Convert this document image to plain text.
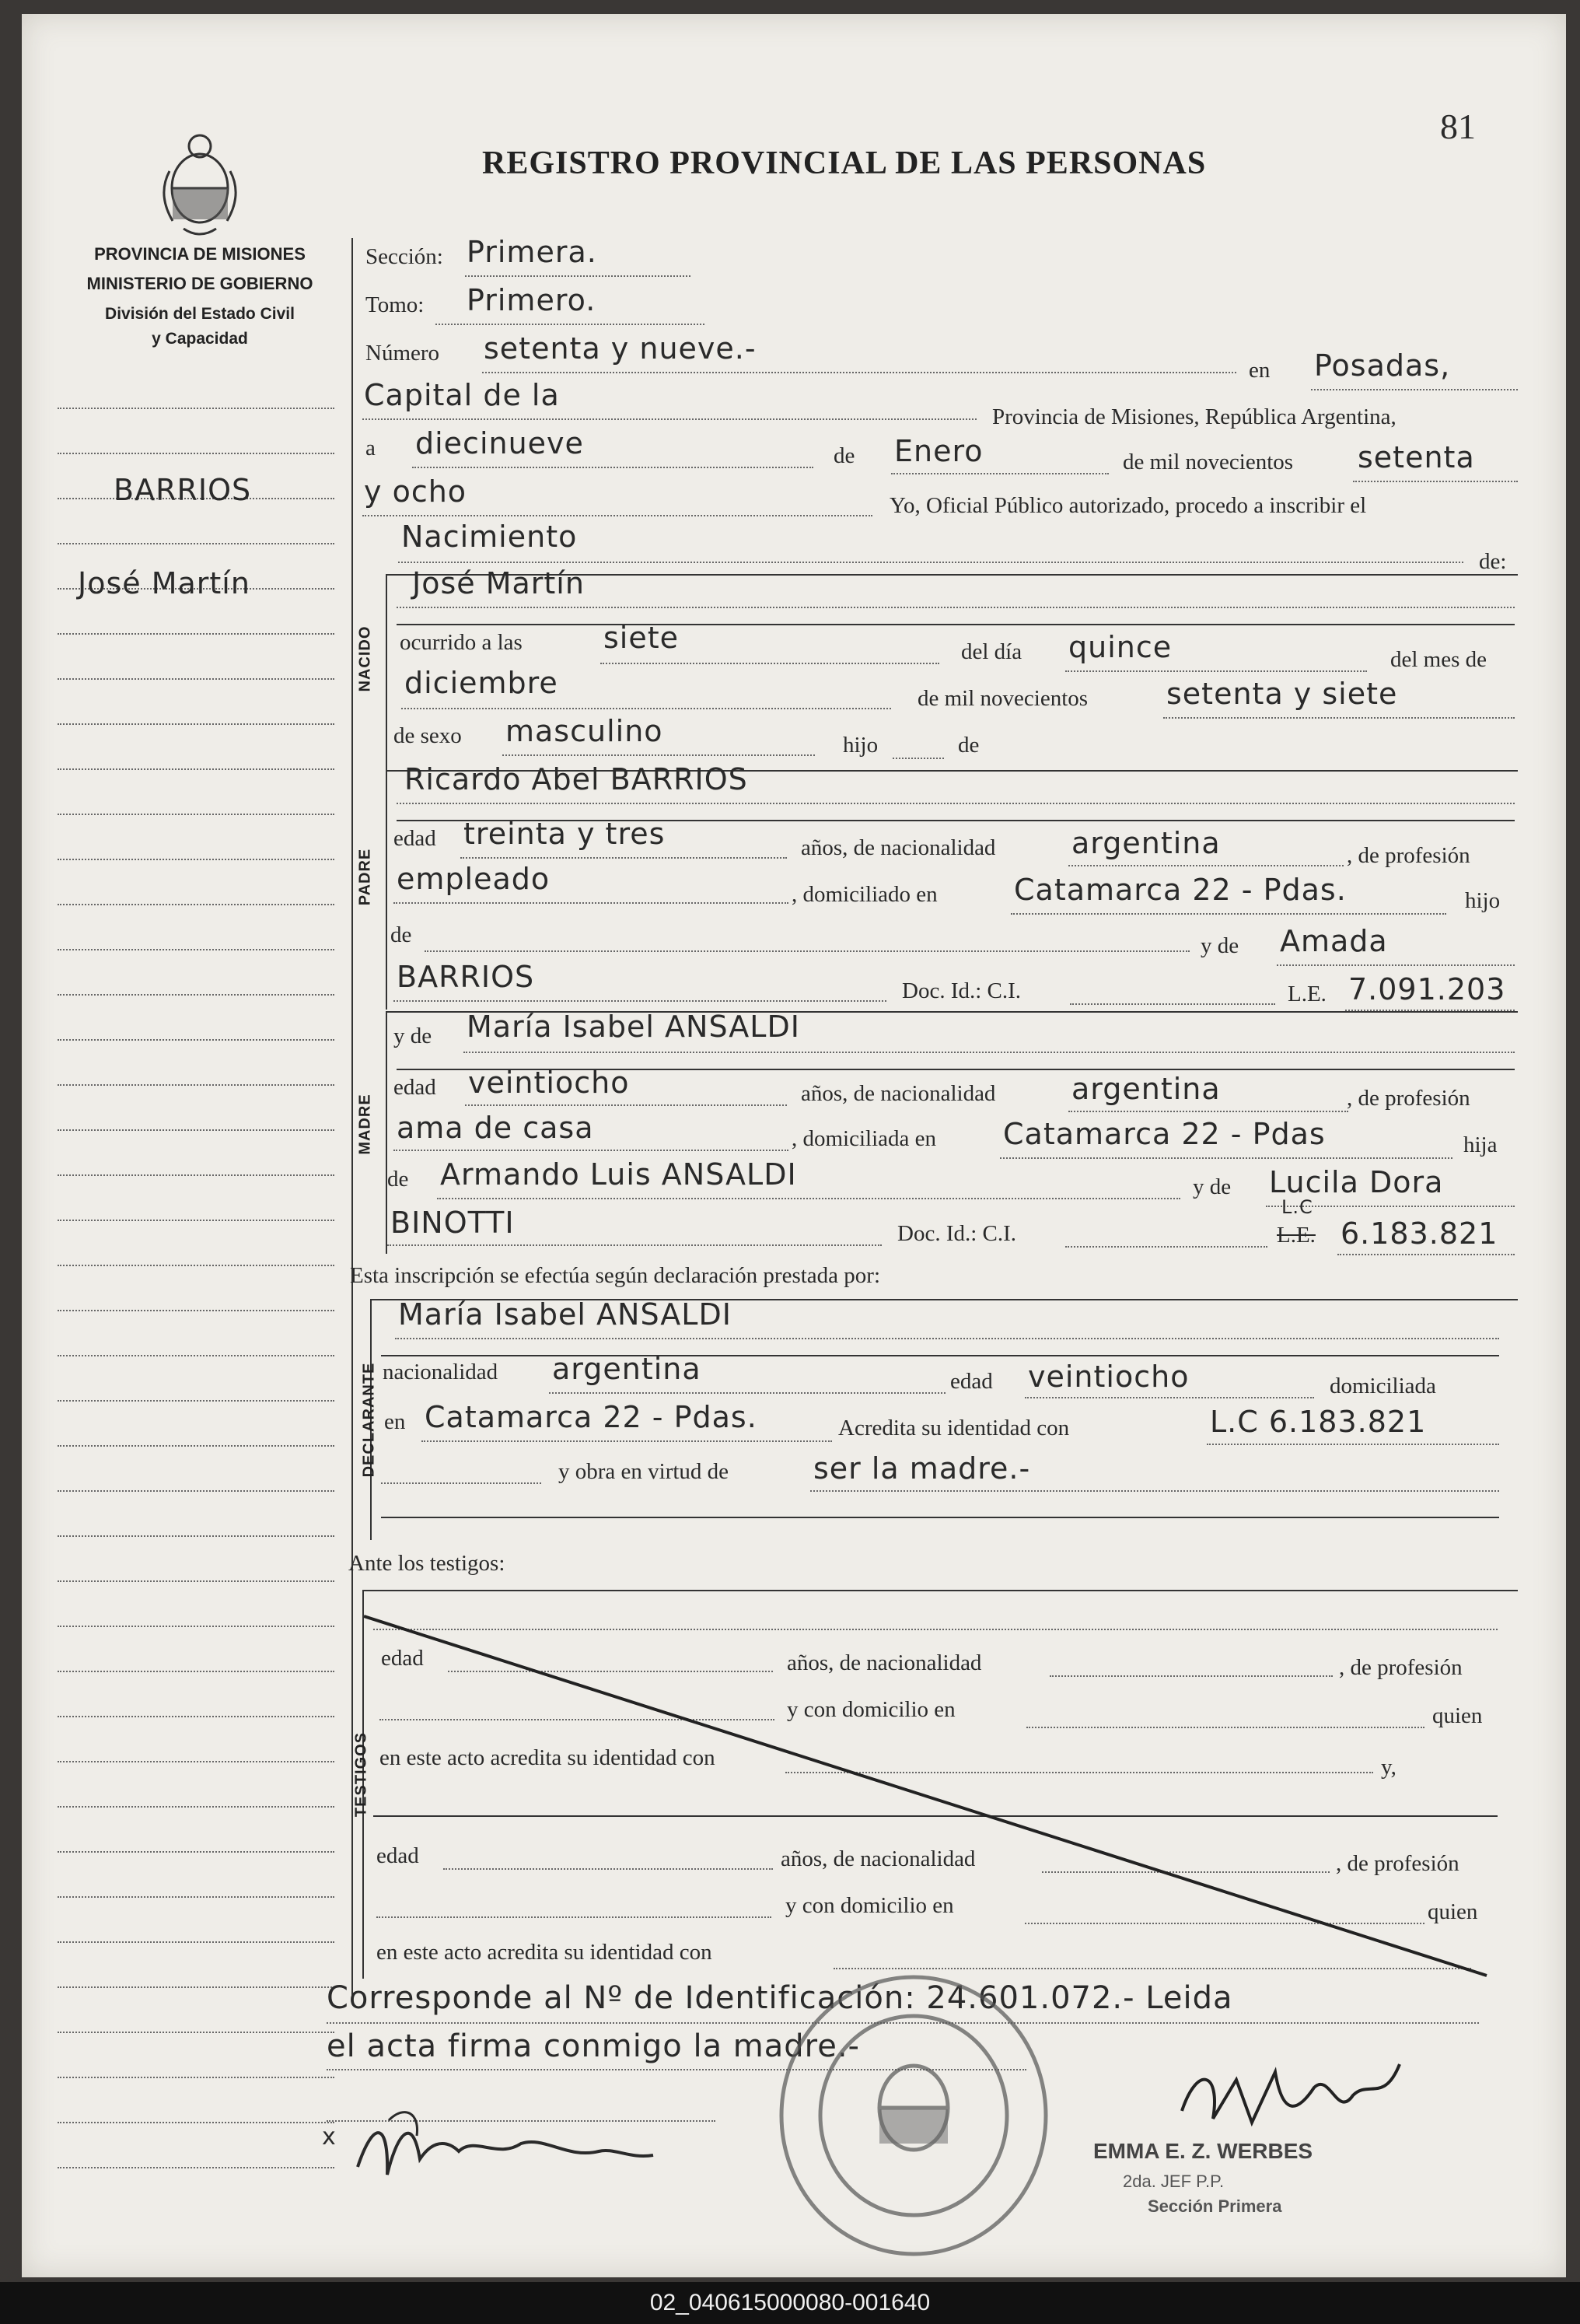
81
REGISTRO PROVINCIAL DE LAS PERSONAS
PROVINCIA DE MISIONES
MINISTERIO DE GOBIERNO
División del Estado Civil
y Capacidad
BARRIOS
José Martín
Sección: Primera.
Tomo: Primero.
Número setenta y nueve.-
en Posadas,
Capital de la
Provincia de Misiones, República Argentina,
a diecinueve	de Enero	de mil novecientos setenta
y ocho	Yo, Oficial Público autorizado, procedo a inscribir el
Nacimiento
de:
NACIDO
José Martín
ocurrido a las	siete	del día quince	del mes de
diciembre	de mil novecientos	setenta y siete
de sexo masculino	hijo	de
PADRE
Ricardo Abel BARRIOS
edad treinta y tres	años, de nacionalidad	argentina	, de profesión
empleado	, domiciliado en	Catamarca 22 - Pdas.	hijo
de	y de Amada
BARRIOS	Doc. Id.: C.I.	L.E. 7.091.203
MADRE
y de María Isabel ANSALDI
edad veintiocho	años, de nacionalidad	argentina	, de profesión
ama de casa	, domiciliada en Catamarca 22 - Pdas	hija
de Armando Luis ANSALDI	y de Lucila Dora
BINOTTI	Doc. Id.: C.I.
L.C
L.E. 6.183.821
Esta inscripción se efectúa según declaración prestada por:
DECLARANTE
María Isabel ANSALDI
nacionalidad argentina	edad veintiocho	domiciliada
en Catamarca 22 - Pdas.	Acredita su identidad con	L.C 6.183.821
y obra en virtud de	ser la madre.-
Ante los testigos:
TESTIGOS
edad	años, de nacionalidad	, de profesión
y con domicilio en	quien
en este acto acredita su identidad con	y,
edad	años, de nacionalidad	, de profesión
y con domicilio en	quien
en este acto acredita su identidad con
Corresponde al Nº de Identificación: 24.601.072.- Leida
el acta firma conmigo la madre.-
x
EMMA E. Z. WERBES
2da. JEF P.P.
Sección Primera
02_040615000080-001640
